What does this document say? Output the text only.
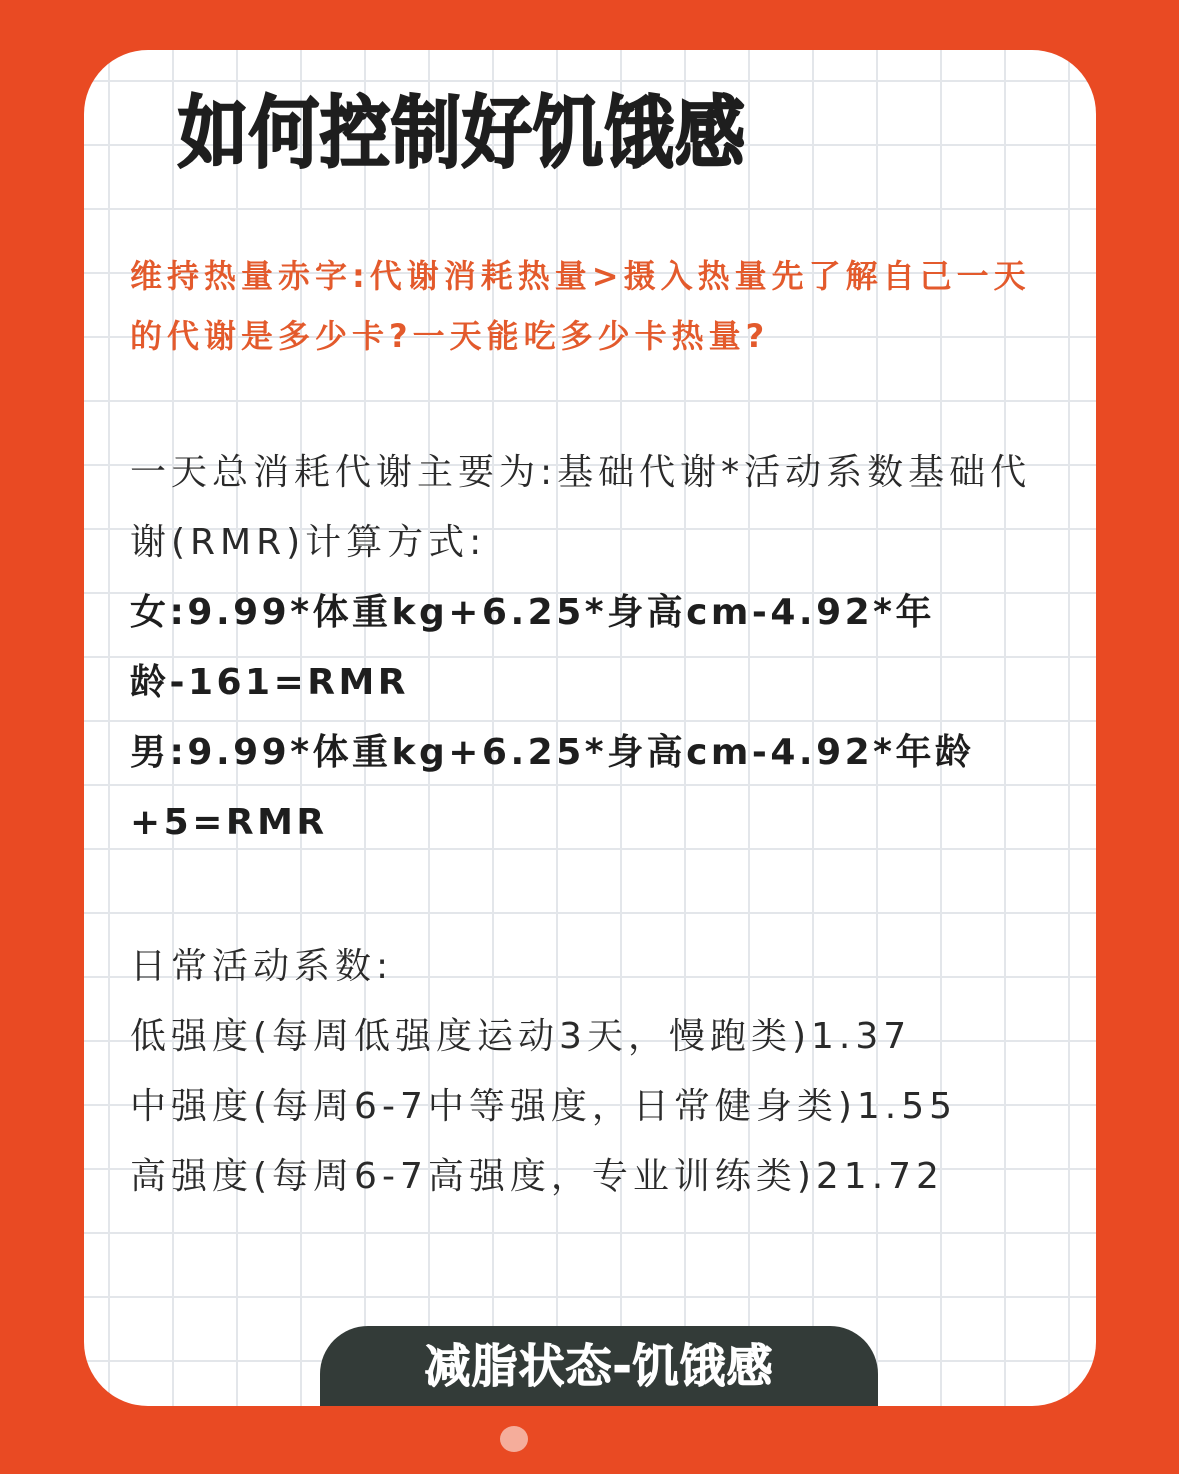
如何控制好饥饿感

维持热量赤字:代谢消耗热量>摄入热量先了解自己一天的代谢是多少卡?一天能吃多少卡热量?

一天总消耗代谢主要为:基础代谢*活动系数基础代谢(RMR)计算方式:

女:9.99*体重kg+6.25*身高cm-4.92*年龄-161=RMR

男:9.99*体重kg+6.25*身高cm-4.92*年龄+5=RMR

日常活动系数:

低强度(每周低强度运动3天，慢跑类)1.37

中强度(每周6-7中等强度，日常健身类)1.55

高强度(每周6-7高强度，专业训练类)21.72

减脂状态-饥饿感
